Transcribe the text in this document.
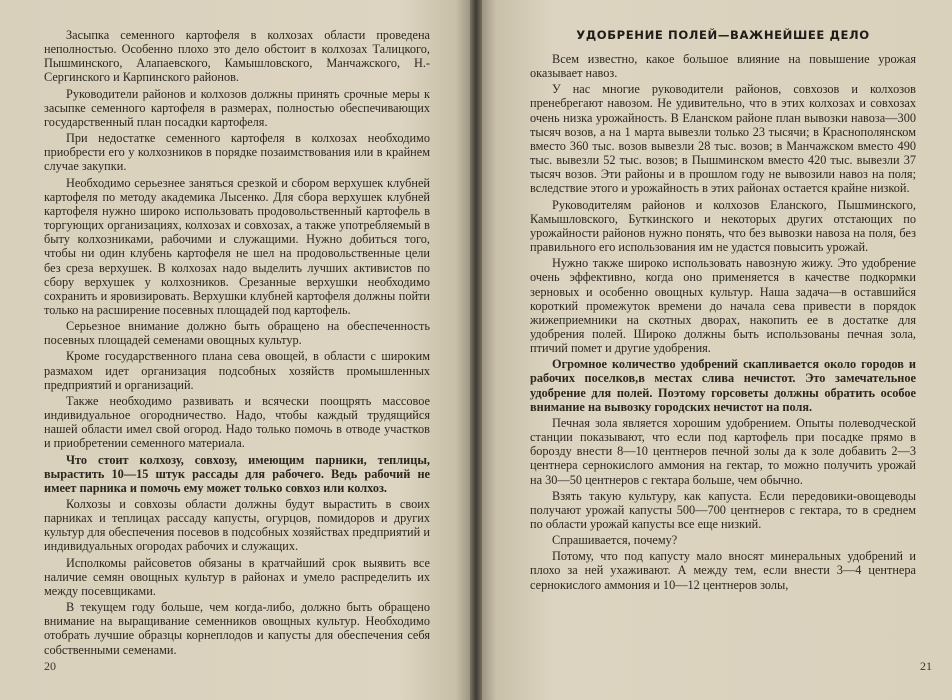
Засыпка семенного картофеля в колхозах области проведена неполностью. Особенно плохо это дело обстоит в колхозах Талицкого, Пышминского, Алапаевского, Камышловского, Манчажского, Н.-Сергинского и Карпинского районов.

Руководители районов и колхозов должны принять срочные меры к засыпке семенного картофеля в размерах, полностью обеспечивающих государственный план посадки картофеля.

При недостатке семенного картофеля в колхозах необходимо приобрести его у колхозников в порядке позаимствования или в крайнем случае закупки.

Необходимо серьезнее заняться срезкой и сбором верхушек клубней картофеля по методу академика Лысенко. Для сбора верхушек клубней картофеля нужно широко использовать продовольственный картофель в торгующих организациях, колхозах и совхозах, а также употребляемый в быту колхозниками, рабочими и служащими. Нужно добиться того, чтобы ни один клубень картофеля не шел на продовольственные цели без среза верхушек. В колхозах надо выделить лучших активистов по сбору верхушек у колхозников. Срезанные верхушки необходимо сохранить и яровизировать. Верхушки клубней картофеля должны пойти только на расширение посевных площадей под картофель.

Серьезное внимание должно быть обращено на обеспеченность посевных площадей семенами овощных культур.

Кроме государственного плана сева овощей, в области с широким размахом идет организация подсобных хозяйств промышленных предприятий и организаций.

Также необходимо развивать и всячески поощрять массовое индивидуальное огородничество. Надо, чтобы каждый трудящийся нашей области имел свой огород. Надо только помочь в отводе участков и приобретении семенного материала.

Что стоит колхозу, совхозу, имеющим парники, теплицы, вырастить 10—15 штук рассады для рабочего. Ведь рабочий не имеет парника и помочь ему может только совхоз или колхоз.

Колхозы и совхозы области должны будут вырастить в своих парниках и теплицах рассаду капусты, огурцов, помидоров и других культур для обеспечения посевов в подсобных хозяйствах предприятий и индивидуальных огородах рабочих и служащих.

Исполкомы райсоветов обязаны в кратчайший срок выявить все наличие семян овощных культур в районах и умело распределить их между посевщиками.

В текущем году больше, чем когда-либо, должно быть обращено внимание на выращивание семенников овощных культур. Необходимо отобрать лучшие образцы корнеплодов и капусты для обеспечения себя собственными семенами.

20
УДОБРЕНИЕ ПОЛЕЙ—ВАЖНЕЙШЕЕ ДЕЛО

Всем известно, какое большое влияние на повышение урожая оказывает навоз.

У нас многие руководители районов, совхозов и колхозов пренебрегают навозом. Не удивительно, что в этих колхозах и совхозах очень низка урожайность. В Еланском районе план вывозки навоза—300 тысяч возов, а на 1 марта вывезли только 23 тысячи; в Краснополянском вместо 360 тыс. возов вывезли 28 тыс. возов; в Манчажском вместо 490 тыс. вывезли 52 тыс. возов; в Пышминском вместо 420 тыс. вывезли 37 тысяч возов. Эти районы и в прошлом году не вывозили навоз на поля; вследствие этого и урожайность в этих районах остается крайне низкой.

Руководителям районов и колхозов Еланского, Пышминского, Камышловского, Буткинского и некоторых других отстающих по урожайности районов нужно понять, что без вывозки навоза на поля, без правильного его использования им не удастся повысить урожай.

Нужно также широко использовать навозную жижу. Это удобрение очень эффективно, когда оно применяется в качестве подкормки зерновых и особенно овощных культур. Наша задача—в оставшийся короткий промежуток времени до начала сева привести в порядок жижеприемники на скотных дворах, накопить ее в достатке для удобрения полей. Широко должны быть использованы печная зола, птичий помет и другие удобрения.

Огромное количество удобрений скапливается около городов и рабочих поселков,в местах слива нечистот. Это замечательное удобрение для полей. Поэтому горсоветы должны обратить особое внимание на вывозку городских нечистот на поля.

Печная зола является хорошим удобрением. Опыты полеводческой станции показывают, что если под картофель при посадке прямо в борозду внести 8—10 центнеров печной золы да к золе добавить 2—3 центнера сернокислого аммония на гектар, то можно получить урожай на 30—50 центнеров с гектара больше, чем обычно.

Взять такую культуру, как капуста. Если передовики-овощеводы получают урожай капусты 500—700 центнеров с гектара, то в среднем по области урожай капусты все еще низкий.

Спрашивается, почему?

Потому, что под капусту мало вносят минеральных удобрений и плохо за ней ухаживают. А между тем, если внести 3—4 центнера сернокислого аммония и 10—12 центнеров золы,

21
